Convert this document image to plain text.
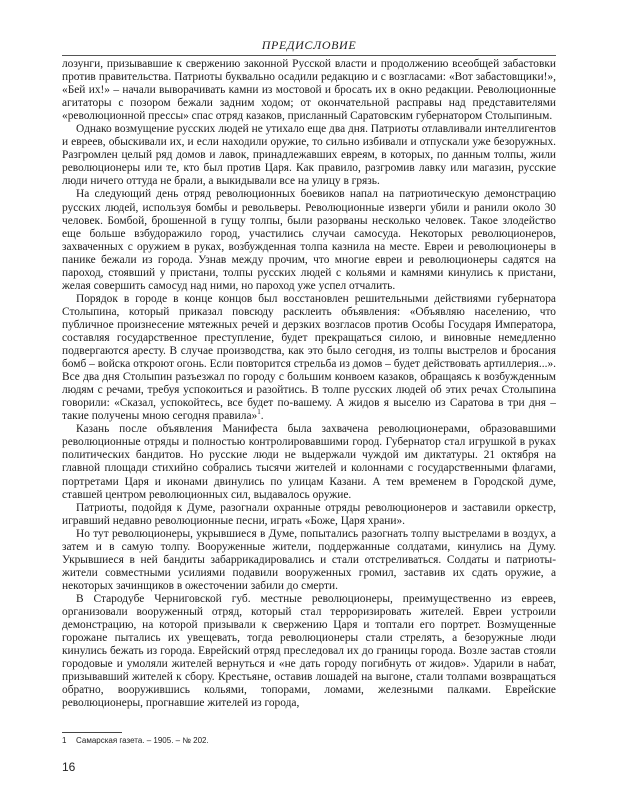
ПРЕДИСЛОВИЕ

лозунги, призывавшие к свержению законной Русской власти и продолжению всеобщей забастовки против правительства. Патриоты буквально осадили редакцию и с возгласами: «Вот забастовщики!», «Бей их!» – начали выворачивать камни из мостовой и бросать их в окно редакции. Революционные агитаторы с позором бежали задним ходом; от окончательной расправы над представителями «революционной прессы» спас отряд казаков, присланный Саратовским губернатором Столыпиным.

Однако возмущение русских людей не утихало еще два дня. Патриоты отлавливали интеллигентов и евреев, обыскивали их, и если находили оружие, то сильно избивали и отпускали уже безоружных. Разгромлен целый ряд домов и лавок, принадлежавших евреям, в которых, по данным толпы, жили революционеры или те, кто был против Царя. Как правило, разгромив лавку или магазин, русские люди ничего оттуда не брали, а выкидывали все на улицу в грязь.

На следующий день отряд революционных боевиков напал на патриотическую демонстрацию русских людей, используя бомбы и револьверы. Революционные изверги убили и ранили около 30 человек. Бомбой, брошенной в гущу толпы, были разорваны несколько человек. Такое злодейство еще больше взбудоражило город, участились случаи самосуда. Некоторых революционеров, захваченных с оружием в руках, возбужденная толпа казнила на месте. Евреи и революционеры в панике бежали из города. Узнав между прочим, что многие евреи и революционеры садятся на пароход, стоявший у пристани, толпы русских людей с кольями и камнями кинулись к пристани, желая совершить самосуд над ними, но пароход уже успел отчалить.

Порядок в городе в конце концов был восстановлен решительными действиями губернатора Столыпина, который приказал повсюду расклеить объявления: «Объявляю населению, что публичное произнесение мятежных речей и дерзких возгласов против Особы Государя Императора, составляя государственное преступление, будет прекращаться силою, и виновные немедленно подвергаются аресту. В случае производства, как это было сегодня, из толпы выстрелов и бросания бомб – войска откроют огонь. Если повторится стрельба из домов – будет действовать артиллерия...». Все два дня Столыпин разъезжал по городу с большим конвоем казаков, обращаясь к возбужденным людям с речами, требуя успокоиться и разойтись. В толпе русских людей об этих речах Столыпина говорили: «Сказал, успокойтесь, все будет по-вашему. А жидов я выселю из Саратова в три дня – такие получены мною сегодня правила»$^1$.

Казань после объявления Манифеста была захвачена революционерами, образовавшими революционные отряды и полностью контролировавшими город. Губернатор стал игрушкой в руках политических бандитов. Но русские люди не выдержали чуждой им диктатуры. 21 октября на главной площади стихийно собрались тысячи жителей и колоннами с государственными флагами, портретами Царя и иконами двинулись по улицам Казани. А тем временем в Городской думе, ставшей центром революционных сил, выдавалось оружие.

Патриоты, подойдя к Думе, разогнали охранные отряды революционеров и заставили оркестр, игравший недавно революционные песни, играть «Боже, Царя храни».

Но тут революционеры, укрывшиеся в Думе, попытались разогнать толпу выстрелами в воздух, а затем и в самую толпу. Вооруженные жители, поддержанные солдатами, кинулись на Думу. Укрывшиеся в ней бандиты забаррикадировались и стали отстреливаться. Солдаты и патриоты-жители совместными усилиями подавили вооруженных громил, заставив их сдать оружие, а некоторых зачинщиков в ожесточении забили до смерти.

В Стародубе Черниговской губ. местные революционеры, преимущественно из евреев, организовали вооруженный отряд, который стал терроризировать жителей. Евреи устроили демонстрацию, на которой призывали к свержению Царя и топтали его портрет. Возмущенные горожане пытались их увещевать, тогда революционеры стали стрелять, а безоружные люди кинулись бежать из города. Еврейский отряд преследовал их до границы города. Возле застав стояли городовые и умоляли жителей вернуться и «не дать городу погибнуть от жидов». Ударили в набат, призывавший жителей к сбору. Крестьяне, оставив лошадей на выгоне, стали толпами возвращаться обратно, вооружившись кольями, топорами, ломами, железными палками. Еврейские революционеры, прогнавшие жителей из города,

1 Самарская газета. – 1905. – № 202.
16
